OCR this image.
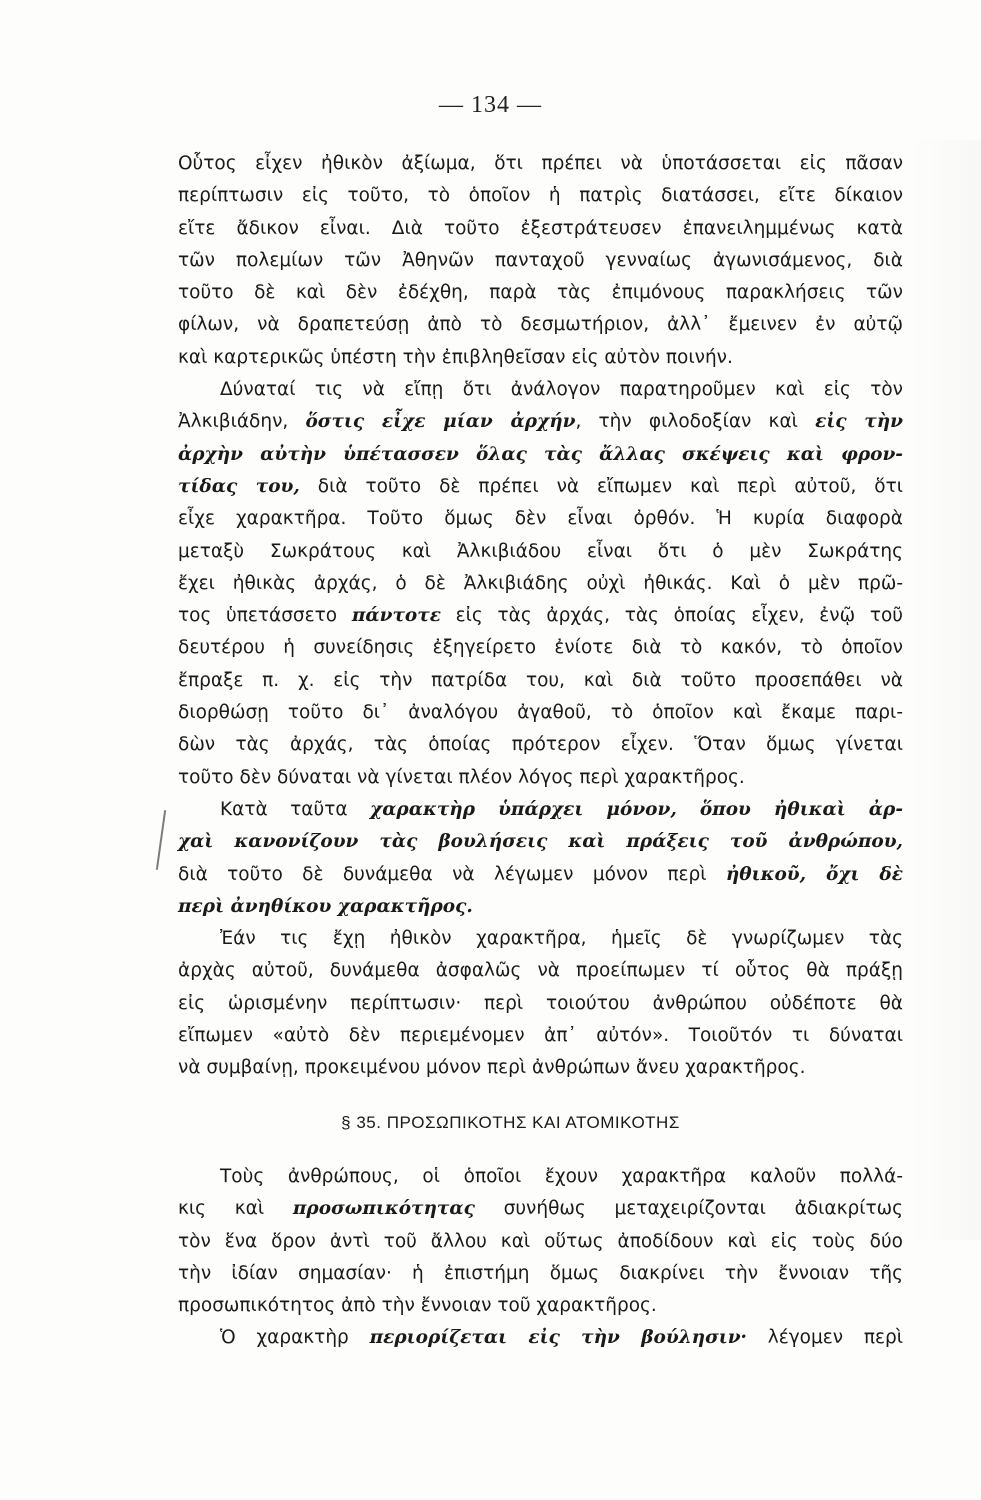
— 134 —
Οὗτος εἶχεν ἠθικὸν ἀξίωμα, ὅτι πρέπει νὰ ὑποτάσσεται εἰς πᾶσαν
περίπτωσιν εἰς τοῦτο, τὸ ὁποῖον ἡ πατρὶς διατάσσει, εἴτε δίκαιον
εἴτε ἄδικον εἶναι. Διὰ τοῦτο ἐξεστράτευσεν ἐπανειλημμένως κατὰ
τῶν πολεμίων τῶν Ἀθηνῶν πανταχοῦ γενναίως ἀγωνισάμενος, διὰ
τοῦτο δὲ καὶ δὲν ἐδέχθη, παρὰ τὰς ἐπιμόνους παρακλήσεις τῶν
φίλων, νὰ δραπετεύσῃ ἀπὸ τὸ δεσμωτήριον, ἀλλ᾽ ἔμεινεν ἐν αὐτῷ
καὶ καρτερικῶς ὑπέστη τὴν ἐπιβληθεῖσαν εἰς αὐτὸν ποινήν.
Δύναταί τις νὰ εἴπῃ ὅτι ἀνάλογον παρατηροῦμεν καὶ εἰς τὸν
Ἀλκιβιάδην, ὅστις εἶχε μίαν ἀρχήν, τὴν φιλοδοξίαν καὶ εἰς τὴν
ἀρχὴν αὐτὴν ὑπέτασσεν ὅλας τὰς ἄλλας σκέψεις καὶ φρον-
τίδας του, διὰ τοῦτο δὲ πρέπει νὰ εἴπωμεν καὶ περὶ αὐτοῦ, ὅτι
εἶχε χαρακτῆρα. Τοῦτο ὅμως δὲν εἶναι ὀρθόν. Ἡ κυρία διαφορὰ
μεταξὺ Σωκράτους καὶ Ἀλκιβιάδου εἶναι ὅτι ὁ μὲν Σωκράτης
ἔχει ἠθικὰς ἀρχάς, ὁ δὲ Ἀλκιβιάδης οὐχὶ ἠθικάς. Καὶ ὁ μὲν πρῶ-
τος ὑπετάσσετο πάντοτε εἰς τὰς ἀρχάς, τὰς ὁποίας εἶχεν, ἐνῷ τοῦ
δευτέρου ἡ συνείδησις ἐξηγείρετο ἐνίοτε διὰ τὸ κακόν, τὸ ὁποῖον
ἔπραξε π. χ. εἰς τὴν πατρίδα του, καὶ διὰ τοῦτο προσεπάθει νὰ
διορθώσῃ τοῦτο δι᾽ ἀναλόγου ἀγαθοῦ, τὸ ὁποῖον καὶ ἔκαμε παρι-
δὼν τὰς ἀρχάς, τὰς ὁποίας πρότερον εἶχεν. Ὅταν ὅμως γίνεται
τοῦτο δὲν δύναται νὰ γίνεται πλέον λόγος περὶ χαρακτῆρος.
Κατὰ ταῦτα χαρακτὴρ ὑπάρχει μόνον, ὅπου ἠθικαὶ ἀρ-
χαὶ κανονίζουν τὰς βουλήσεις καὶ πράξεις τοῦ ἀνθρώπου,
διὰ τοῦτο δὲ δυνάμεθα νὰ λέγωμεν μόνον περὶ ἠθικοῦ, ὄχι δὲ
περὶ ἀνηθίκου χαρακτῆρος.
Ἐάν τις ἔχῃ ἠθικὸν χαρακτῆρα, ἡμεῖς δὲ γνωρίζωμεν τὰς
ἀρχὰς αὐτοῦ, δυνάμεθα ἀσφαλῶς νὰ προείπωμεν τί οὗτος θὰ πράξῃ
εἰς ὡρισμένην περίπτωσιν· περὶ τοιούτου ἀνθρώπου οὐδέποτε θὰ
εἴπωμεν «αὐτὸ δὲν περιεμένομεν ἀπ᾽ αὐτόν». Τοιοῦτόν τι δύναται
νὰ συμβαίνῃ, προκειμένου μόνον περὶ ἀνθρώπων ἄνευ χαρακτῆρος.
§ 35. ΠΡΟΣΩΠΙΚΟΤΗΣ ΚΑΙ ΑΤΟΜΙΚΟΤΗΣ
Τοὺς ἀνθρώπους, οἱ ὁποῖοι ἔχουν χαρακτῆρα καλοῦν πολλά-
κις καὶ προσωπικότητας συνήθως μεταχειρίζονται ἀδιακρίτως
τὸν ἕνα ὅρον ἀντὶ τοῦ ἄλλου καὶ οὕτως ἀποδίδουν καὶ εἰς τοὺς δύο
τὴν ἰδίαν σημασίαν· ἡ ἐπιστήμη ὅμως διακρίνει τὴν ἔννοιαν τῆς
προσωπικότητος ἀπὸ τὴν ἔννοιαν τοῦ χαρακτῆρος.
Ὁ χαρακτὴρ περιορίζεται εἰς τὴν βούλησιν· λέγομεν περὶ
